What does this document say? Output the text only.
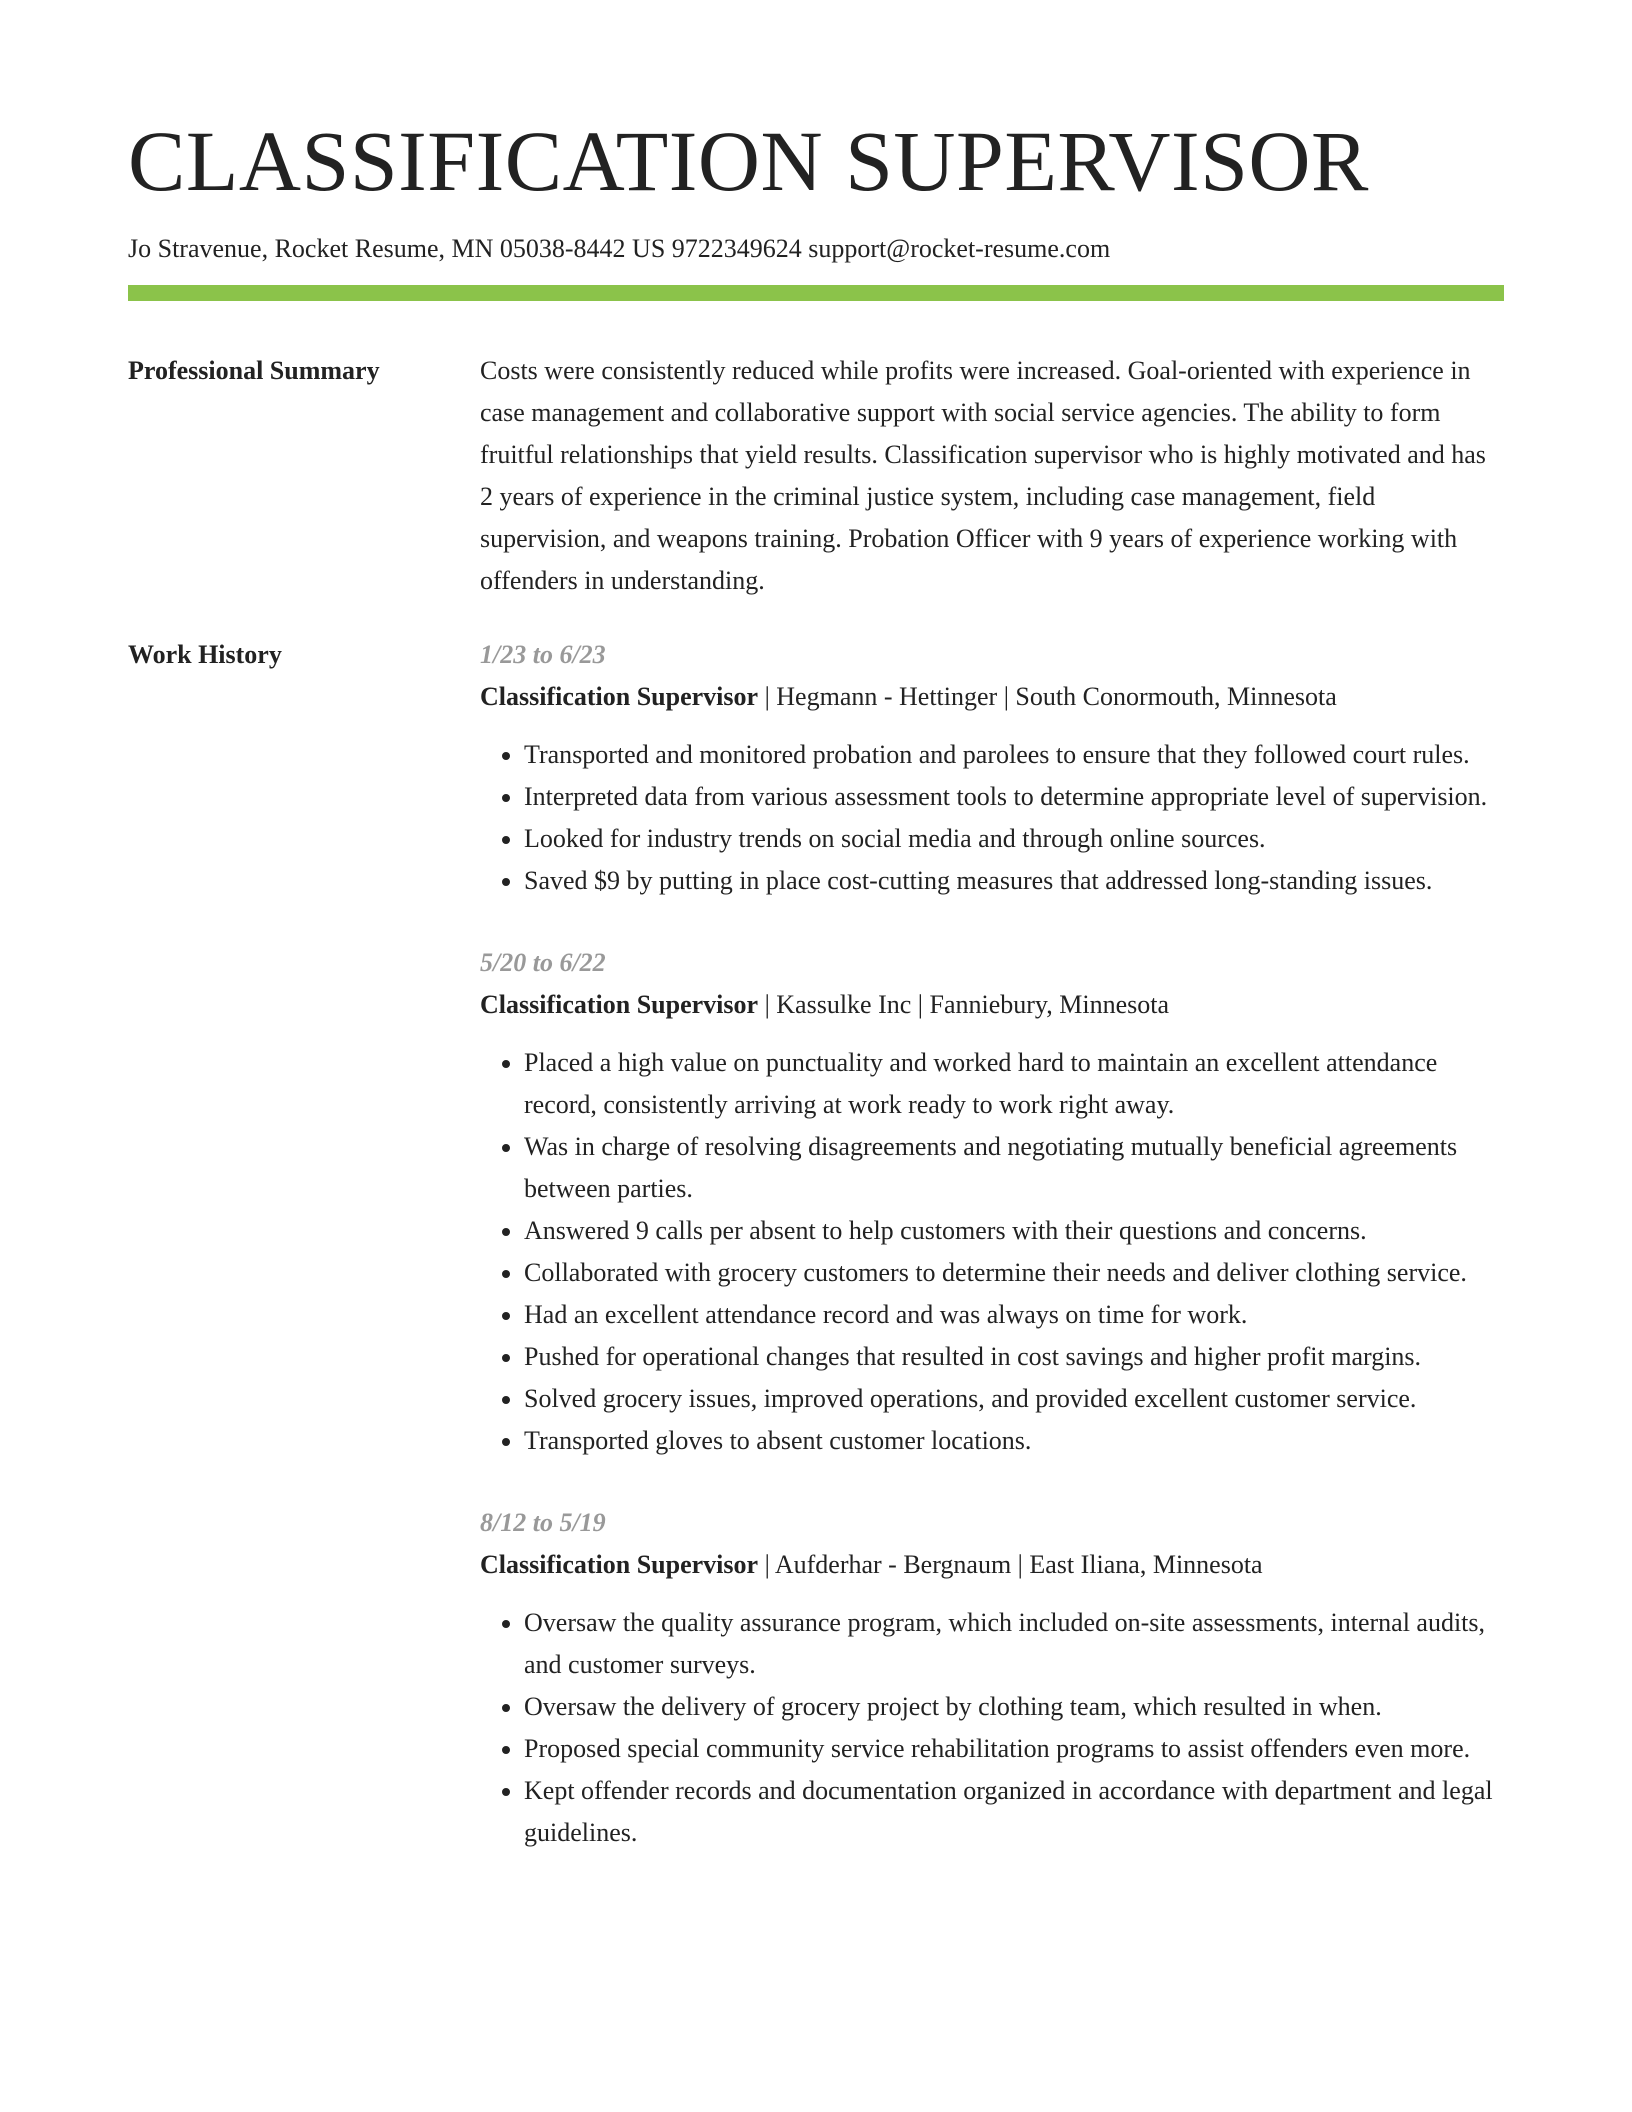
CLASSIFICATION SUPERVISOR
Jo Stravenue, Rocket Resume, MN 05038-8442 US 9722349624 support@rocket-resume.com
Professional Summary	Costs were consistently reduced while profits were increased. Goal-oriented with experience in case management and collaborative support with social service agencies. The ability to form fruitful relationships that yield results. Classification supervisor who is highly motivated and has 2 years of experience in the criminal justice system, including case management, field supervision, and weapons training. Probation Officer with 9 years of experience working with offenders in understanding.
Work History	1/23 to 6/23
Classification Supervisor | Hegmann - Hettinger | South Conormouth, Minnesota
• Transported and monitored probation and parolees to ensure that they followed court rules.
• Interpreted data from various assessment tools to determine appropriate level of supervision.
• Looked for industry trends on social media and through online sources.
• Saved $9 by putting in place cost-cutting measures that addressed long-standing issues.
5/20 to 6/22
Classification Supervisor | Kassulke Inc | Fanniebury, Minnesota
• Placed a high value on punctuality and worked hard to maintain an excellent attendance record, consistently arriving at work ready to work right away.
• Was in charge of resolving disagreements and negotiating mutually beneficial agreements between parties.
• Answered 9 calls per absent to help customers with their questions and concerns.
• Collaborated with grocery customers to determine their needs and deliver clothing service.
• Had an excellent attendance record and was always on time for work.
• Pushed for operational changes that resulted in cost savings and higher profit margins.
• Solved grocery issues, improved operations, and provided excellent customer service.
• Transported gloves to absent customer locations.
8/12 to 5/19
Classification Supervisor | Aufderhar - Bergnaum | East Iliana, Minnesota
• Oversaw the quality assurance program, which included on-site assessments, internal audits, and customer surveys.
• Oversaw the delivery of grocery project by clothing team, which resulted in when.
• Proposed special community service rehabilitation programs to assist offenders even more.
• Kept offender records and documentation organized in accordance with department and legal guidelines.
